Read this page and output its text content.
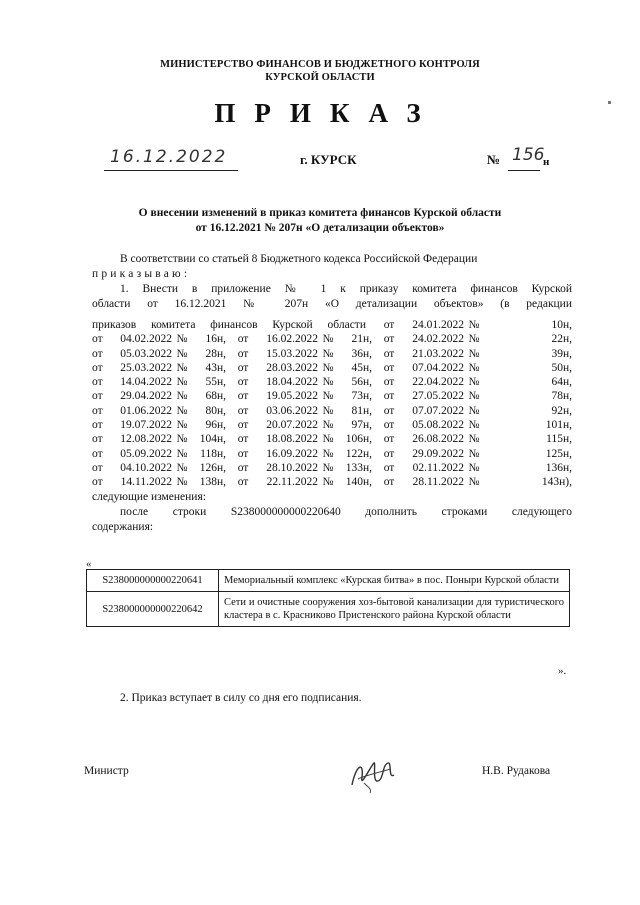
МИНИСТЕРСТВО ФИНАНСОВ И БЮДЖЕТНОГО КОНТРОЛЯ
КУРСКОЙ ОБЛАСТИ
ПРИКАЗ
16.12.2022	г. КУРСК	№ 156
н
О внесении изменений в приказ комитета финансов Курской области
от 16.12.2021 № 207н «О детализации объектов»
В соответствии со статьей 8 Бюджетного кодекса Российской Федерации
приказываю:
1. Внести в приложение № 1 к приказу комитета финансов Курской
области от 16.12.2021 № 207н «О детализации объектов» (в редакции
приказов комитета финансов Курской области								от	24.01.2022	№	10н,
от	04.02.2022	№	16н,	от	16.02.2022	№	21н,	от	24.02.2022	№	22н,
от	05.03.2022	№	28н,	от	15.03.2022	№	36н,	от	21.03.2022	№	39н,
от	25.03.2022	№	43н,	от	28.03.2022	№	45н,	от	07.04.2022	№	50н,
от	14.04.2022	№	55н,	от	18.04.2022	№	56н,	от	22.04.2022	№	64н,
от	29.04.2022	№	68н,	от	19.05.2022	№	73н,	от	27.05.2022	№	78н,
от	01.06.2022	№	80н,	от	03.06.2022	№	81н,	от	07.07.2022	№	92н,
от	19.07.2022	№	96н,	от	20.07.2022	№	97н,	от	05.08.2022	№	101н,
от	12.08.2022	№	104н,	от	18.08.2022	№	106н,	от	26.08.2022	№	115н,
от	05.09.2022	№	118н,	от	16.09.2022	№	122н,	от	29.09.2022	№	125н,
от	04.10.2022	№	126н,	от	28.10.2022	№	133н,	от	02.11.2022	№	136н,
от	14.11.2022	№	138н,	от	22.11.2022	№	140н,	от	28.11.2022	№	143н),
следующие изменения:
после строки S238000000000220640 дополнить строками следующего
содержания:
«
S238000000000220641	Мемориальный комплекс «Курская битва» в пос. Поныри Курской области
S238000000000220642	Сети и очистные сооружения хоз-бытовой канализации для туристического кластера в с. Красниково Пристенского района Курской области
».
2. Приказ вступает в силу со дня его подписания.
Министр	Н.В. Рудакова
